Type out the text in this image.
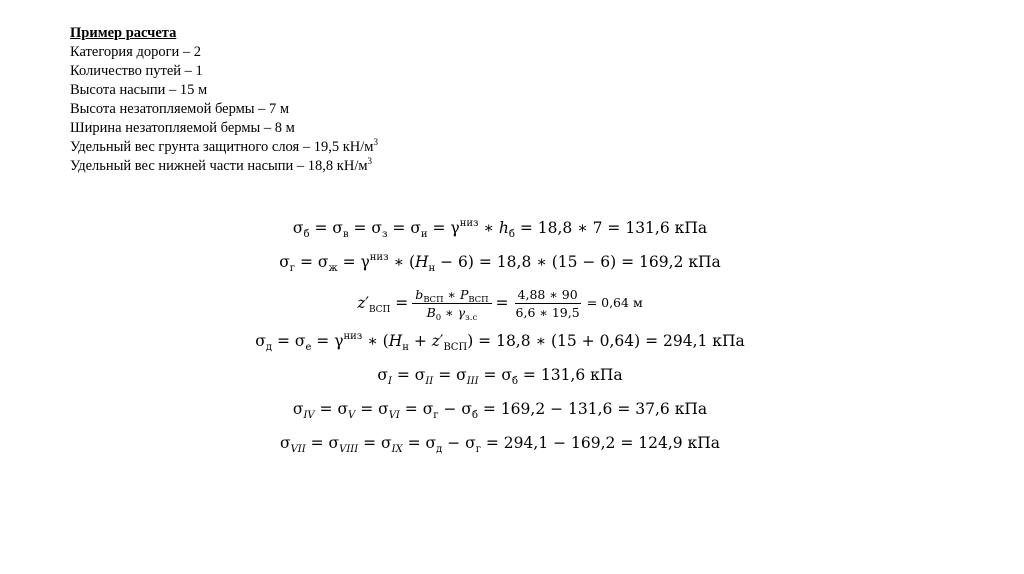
Пример расчета
Категория дороги – 2
Количество путей – 1
Высота насыпи – 15 м
Высота незатопляемой бермы – 7 м
Ширина незатопляемой бермы – 8 м
Удельный вес грунта защитного слоя – 19,5 $кН/м^3$
Удельный вес нижней части насыпи – 18,8 $кН/м^3$
$\sigma_б = \sigma_в = \sigma_з = \sigma_и = \gamma^{низ}$ ∗ $h_б = 18,8$ ∗ 7 = 131,6 кПа
$\sigma_г = \sigma_ж = \gamma^{низ}$ ∗ $(H_н - 6) = 18,8$ ∗ (15 − 6) = 169,2 кПа
$z'_{ВСП} = \frac{b_{ВСП} ∗ P_{ВСП}}{B_0 ∗ \gamma_{з.с}} = \frac{4,88 ∗ 90}{6,6 ∗ 19,5} = 0,64$ м
$\sigma_д = \sigma_е = \gamma^{низ}$ ∗ $(H_н + z'_{ВСП}) = 18,8$ ∗ (15 + 0,64) = 294,1 кПа
$\sigma_I = \sigma_{II} = \sigma_{III} = \sigma_б = 131,6$ кПа
$\sigma_{IV} = \sigma_V = \sigma_{VI} = \sigma_г - \sigma_б = 169,2 - 131,6 = 37,6$ кПа
$\sigma_{VII} = \sigma_{VIII} = \sigma_{IX} = \sigma_д - \sigma_г = 294,1 - 169,2 = 124,9$ кПа
